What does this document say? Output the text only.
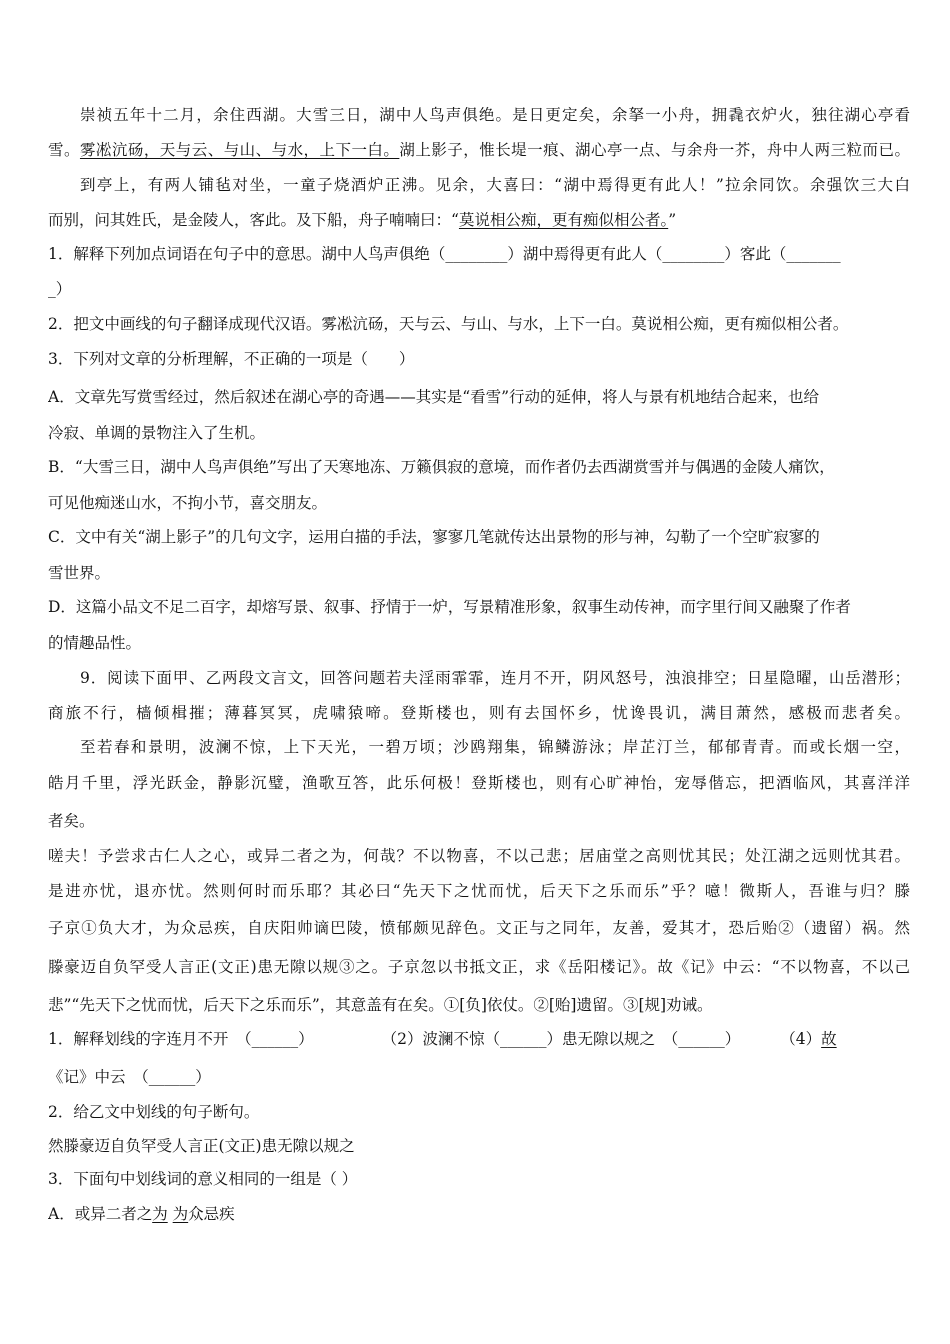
崇祯五年十二月，余住西湖。大雪三日，湖中人鸟声俱绝。是日更定矣，余拏一小舟，拥毳衣炉火，独往湖心亭看
雪。雾凇沆砀，天与云、与山、与水，上下一白。湖上影子，惟长堤一痕、湖心亭一点、与余舟一芥，舟中人两三粒而已。
到亭上，有两人铺毡对坐，一童子烧酒炉正沸。见余，大喜曰：“湖中焉得更有此人！”拉余同饮。余强饮三大白
而别，问其姓氏，是金陵人，客此。及下船，舟子喃喃曰：“莫说相公痴，更有痴似相公者。”
1．解释下列加点词语在句子中的意思。湖中人鸟声俱绝（________）湖中焉得更有此人（________）客此（_______
_）
2．把文中画线的句子翻译成现代汉语。雾凇沆砀，天与云、与山、与水，上下一白。莫说相公痴，更有痴似相公者。
3．下列对文章的分析理解，不正确的一项是（　　）
A．文章先写赏雪经过，然后叙述在湖心亭的奇遇——其实是“看雪”行动的延伸，将人与景有机地结合起来，也给
冷寂、单调的景物注入了生机。
B．“大雪三日，湖中人鸟声俱绝”写出了天寒地冻、万籁俱寂的意境，而作者仍去西湖赏雪并与偶遇的金陵人痛饮，
可见他痴迷山水，不拘小节，喜交朋友。
C．文中有关“湖上影子”的几句文字，运用白描的手法，寥寥几笔就传达出景物的形与神，勾勒了一个空旷寂寥的
雪世界。
D．这篇小品文不足二百字，却熔写景、叙事、抒情于一炉，写景精准形象，叙事生动传神，而字里行间又融聚了作者
的情趣品性。
9．阅读下面甲、乙两段文言文，回答问题若夫淫雨霏霏，连月不开，阴风怒号，浊浪排空；日星隐曜，山岳潜形；
商旅不行，樯倾楫摧；薄暮冥冥，虎啸猿啼。登斯楼也，则有去国怀乡，忧谗畏讥，满目萧然，感极而悲者矣。
至若春和景明，波澜不惊，上下天光，一碧万顷；沙鸥翔集，锦鳞游泳；岸芷汀兰，郁郁青青。而或长烟一空，
皓月千里，浮光跃金，静影沉璧，渔歌互答，此乐何极！登斯楼也，则有心旷神怡，宠辱偕忘，把酒临风，其喜洋洋
者矣。
嗟夫！予尝求古仁人之心，或异二者之为，何哉？不以物喜，不以己悲；居庙堂之高则忧其民；处江湖之远则忧其君。
是进亦忧，退亦忧。然则何时而乐耶？其必曰“先天下之忧而忧，后天下之乐而乐”乎？噫！微斯人，吾谁与归？滕
子京①负大才，为众忌疾，自庆阳帅谪巴陵，愤郁颇见辞色。文正与之同年，友善，爱其才，恐后贻②（遗留）祸。然
滕豪迈自负罕受人言正(文正)患无隙以规③之。子京忽以书抵文正，求《岳阳楼记》。故《记》中云：“不以物喜，不以己
悲”“先天下之忧而忧，后天下之乐而乐”，其意盖有在矣。①[负]依仗。②[贻]遗留。③[规]劝诫。
1．解释划线的字连月不开　（______）	（2）波澜不惊（______）患无隙以规之　（______）	（4）故
《记》中云　（______）
2．给乙文中划线的句子断句。
然滕豪迈自负罕受人言正(文正)患无隙以规之
3．下面句中划线词的意义相同的一组是（ ）
A．或异二者之为 为众忌疾
